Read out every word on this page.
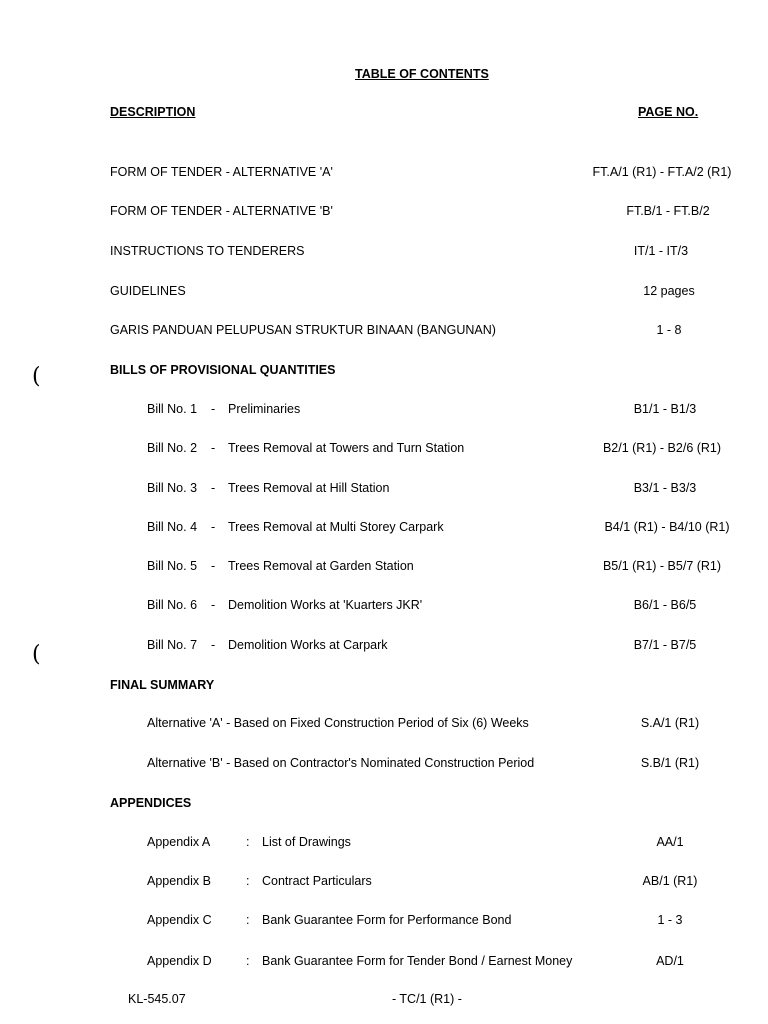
(
(
TABLE OF CONTENTS
DESCRIPTION	PAGE NO.
FORM OF TENDER - ALTERNATIVE 'A'	FT.A/1 (R1) - FT.A/2 (R1)
FORM OF TENDER - ALTERNATIVE 'B'	FT.B/1 - FT.B/2
INSTRUCTIONS TO TENDERERS	IT/1 - IT/3
GUIDELINES	12 pages
GARIS PANDUAN PELUPUSAN STRUKTUR BINAAN (BANGUNAN)	1 - 8
BILLS OF PROVISIONAL QUANTITIES
Bill No. 1 - Preliminaries	B1/1 - B1/3
Bill No. 2 - Trees Removal at Towers and Turn Station	B2/1 (R1) - B2/6 (R1)
Bill No. 3 - Trees Removal at Hill Station	B3/1 - B3/3
Bill No. 4 - Trees Removal at Multi Storey Carpark	B4/1 (R1) - B4/10 (R1)
Bill No. 5 - Trees Removal at Garden Station	B5/1 (R1) - B5/7 (R1)
Bill No. 6 - Demolition Works at 'Kuarters JKR'	B6/1 - B6/5
Bill No. 7 - Demolition Works at Carpark	B7/1 - B7/5
FINAL SUMMARY
Alternative 'A' - Based on Fixed Construction Period of Six (6) Weeks	S.A/1 (R1)
Alternative 'B' - Based on Contractor's Nominated Construction Period	S.B/1 (R1)
APPENDICES
Appendix A	: List of Drawings	AA/1
Appendix B	: Contract Particulars	AB/1 (R1)
Appendix C	: Bank Guarantee Form for Performance Bond	1 - 3
Appendix D	: Bank Guarantee Form for Tender Bond / Earnest Money	AD/1
KL-545.07	- TC/1 (R1) -
